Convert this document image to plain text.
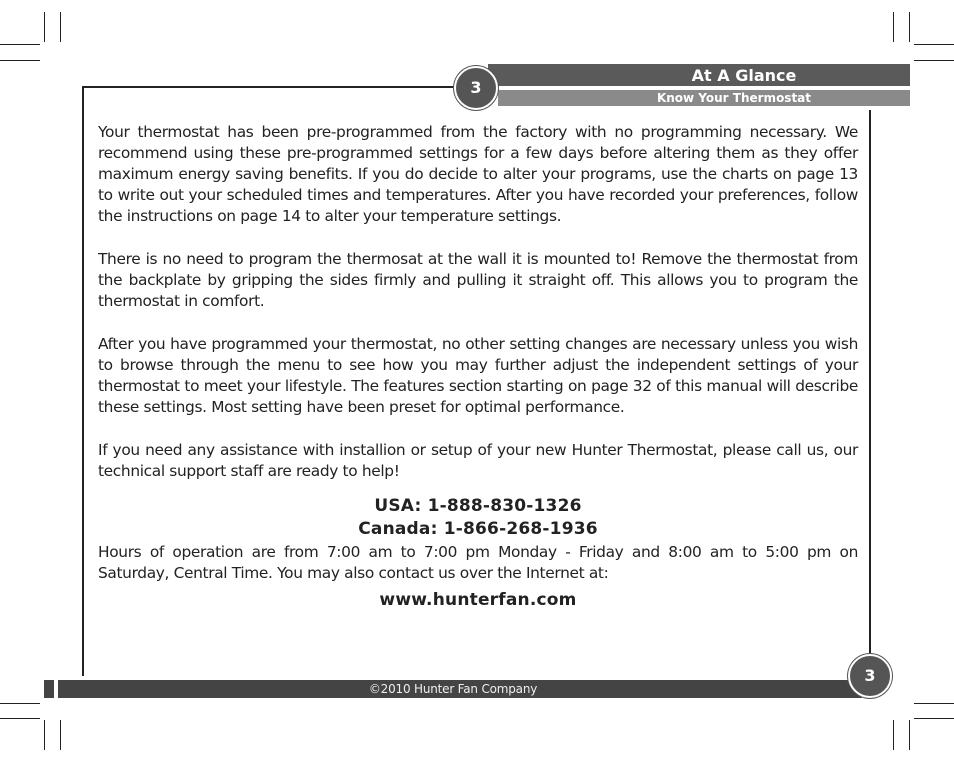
At A Glance
Know Your Thermostat
3

Your thermostat has been pre-programmed from the factory with no programming necessary. We recommend using these pre-programmed settings for a few days before altering them as they offer maximum energy saving benefits. If you do decide to alter your programs, use the charts on page 13 to write out your scheduled times and temperatures. After you have recorded your preferences, follow the instructions on page 14 to alter your temperature settings.

There is no need to program the thermosat at the wall it is mounted to! Remove the thermostat from the backplate by gripping the sides firmly and pulling it straight off. This allows you to program the thermostat in comfort.

After you have programmed your thermostat, no other setting changes are necessary unless you wish to browse through the menu to see how you may further adjust the independent settings of your thermostat to meet your lifestyle. The features section starting on page 32 of this manual will describe these settings. Most setting have been preset for optimal performance.

If you need any assistance with installion or setup of your new Hunter Thermostat, please call us, our technical support staff are ready to help!

USA: 1-888-830-1326

Canada: 1-866-268-1936

Hours of operation are from 7:00 am to 7:00 pm Monday - Friday and 8:00 am to 5:00 pm on Saturday, Central Time. You may also contact us over the Internet at:

www.hunterfan.com

©2010 Hunter Fan Company
3
